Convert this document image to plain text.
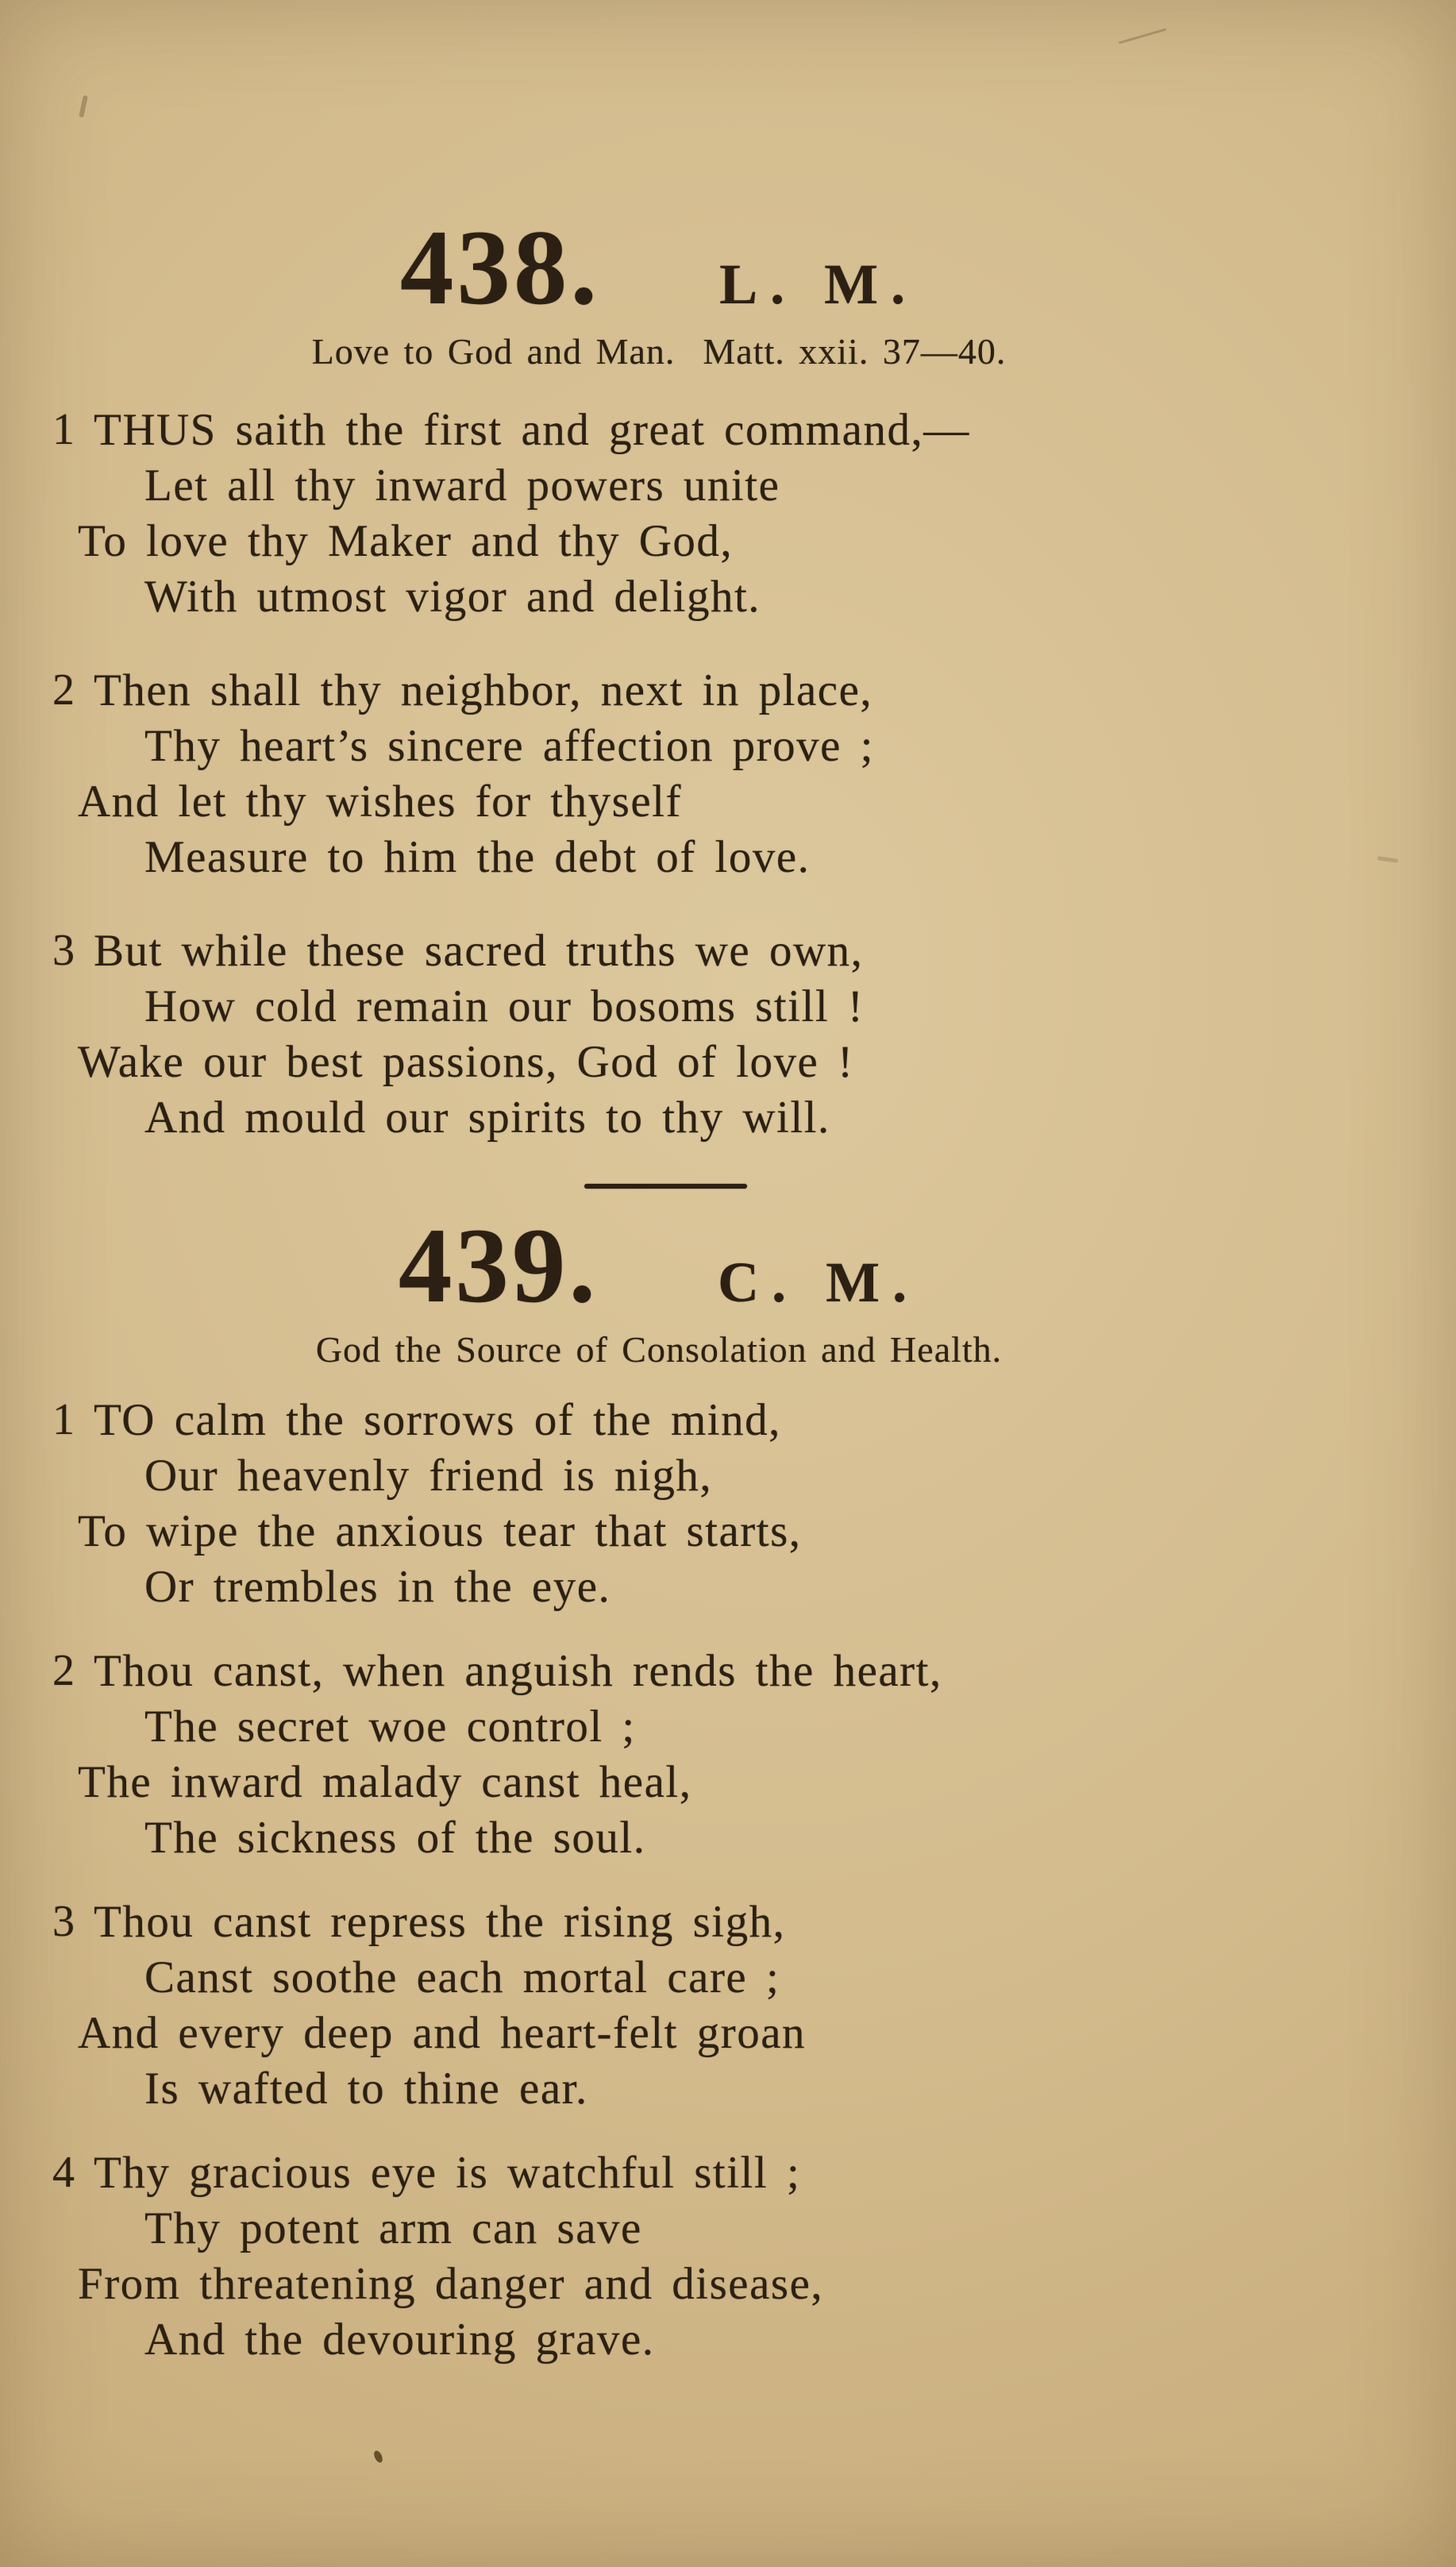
438. L. M.

Love to God and Man.  Matt. xxii. 37—40.

1 THUS saith the first and great command,—

Let all thy inward powers unite

To love thy Maker and thy God,

With utmost vigor and delight.

2 Then shall thy neighbor, next in place,

Thy heart’s sincere affection prove ;

And let thy wishes for thyself

Measure to him the debt of love.

3 But while these sacred truths we own,

How cold remain our bosoms still !

Wake our best passions, God of love !

And mould our spirits to thy will.

439. C. M.

God the Source of Consolation and Health.

1 TO calm the sorrows of the mind,

Our heavenly friend is nigh,

To wipe the anxious tear that starts,

Or trembles in the eye.

2 Thou canst, when anguish rends the heart,

The secret woe control ;

The inward malady canst heal,

The sickness of the soul.

3 Thou canst repress the rising sigh,

Canst soothe each mortal care ;

And every deep and heart-felt groan

Is wafted to thine ear.

4 Thy gracious eye is watchful still ;

Thy potent arm can save

From threatening danger and disease,

And the devouring grave.
